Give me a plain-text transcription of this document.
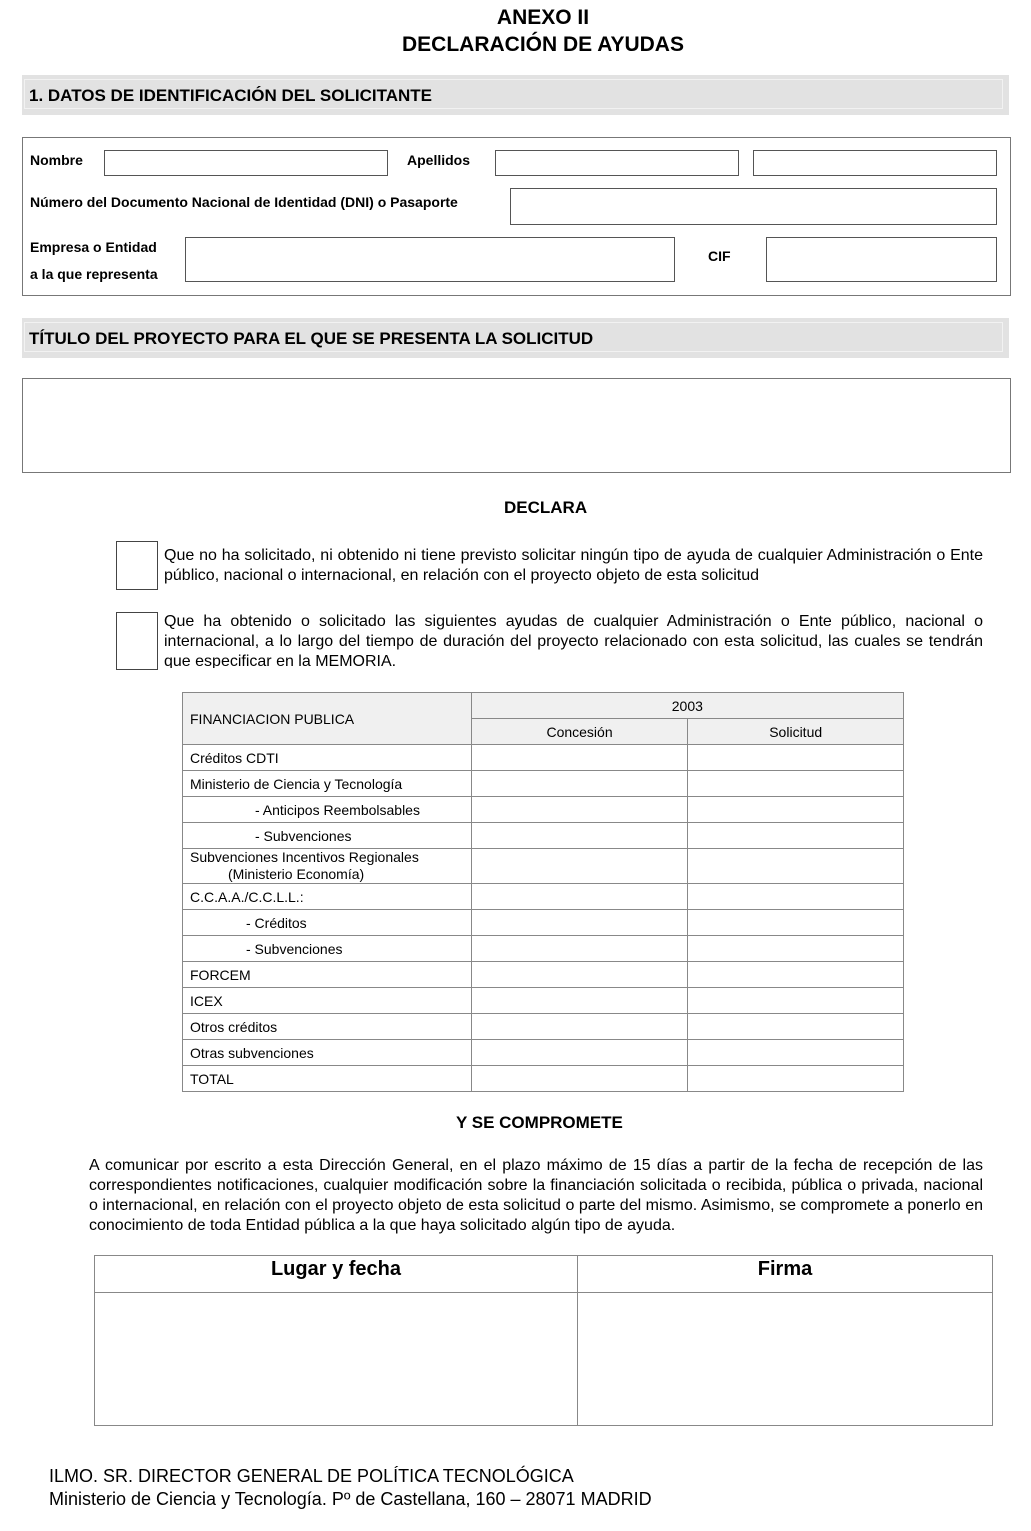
ANEXO II
DECLARACIÓN DE AYUDAS
1. DATOS DE IDENTIFICACIÓN DEL SOLICITANTE
Nombre	Apellidos
Número del Documento Nacional de Identidad (DNI) o Pasaporte
Empresa o Entidad
a la que representa
CIF
TÍTULO DEL PROYECTO PARA EL QUE SE PRESENTA LA SOLICITUD
DECLARA
Que no ha solicitado, ni obtenido ni tiene previsto solicitar ningún tipo de ayuda de cualquier Administración o Ente público, nacional o internacional, en relación con el proyecto objeto de esta solicitud
Que ha obtenido o solicitado las siguientes ayudas de cualquier Administración o Ente público, nacional o internacional, a lo largo del tiempo de duración del proyecto relacionado con esta solicitud, las cuales se tendrán que especificar en la MEMORIA.
FINANCIACION PUBLICA	2003	
	Concesión	Solicitud
Créditos CDTI		
Ministerio de Ciencia y Tecnología		
- Anticipos Reembolsables		
- Subvenciones		

Subvenciones Incentivos Regionales
(Ministerio Economía)		

C.C.A.A./C.C.L.L.:		
- Créditos		
- Subvenciones		
FORCEM		
ICEX		
Otros créditos		
Otras subvenciones		
TOTAL		
Y SE COMPROMETE
A comunicar por escrito a esta Dirección General, en el plazo máximo de 15 días a partir de la fecha de recepción de las correspondientes notificaciones, cualquier modificación sobre la financiación solicitada o recibida, pública o privada, nacional o internacional, en relación con el proyecto objeto de esta solicitud o parte del mismo. Asimismo, se compromete a ponerlo en conocimiento de toda Entidad pública a la que haya solicitado algún tipo de ayuda.
Lugar y fecha	Firma

ILMO. SR. DIRECTOR GENERAL DE POLÍTICA TECNOLÓGICA
Ministerio de Ciencia y Tecnología. Pº de Castellana, 160 – 28071 MADRID
